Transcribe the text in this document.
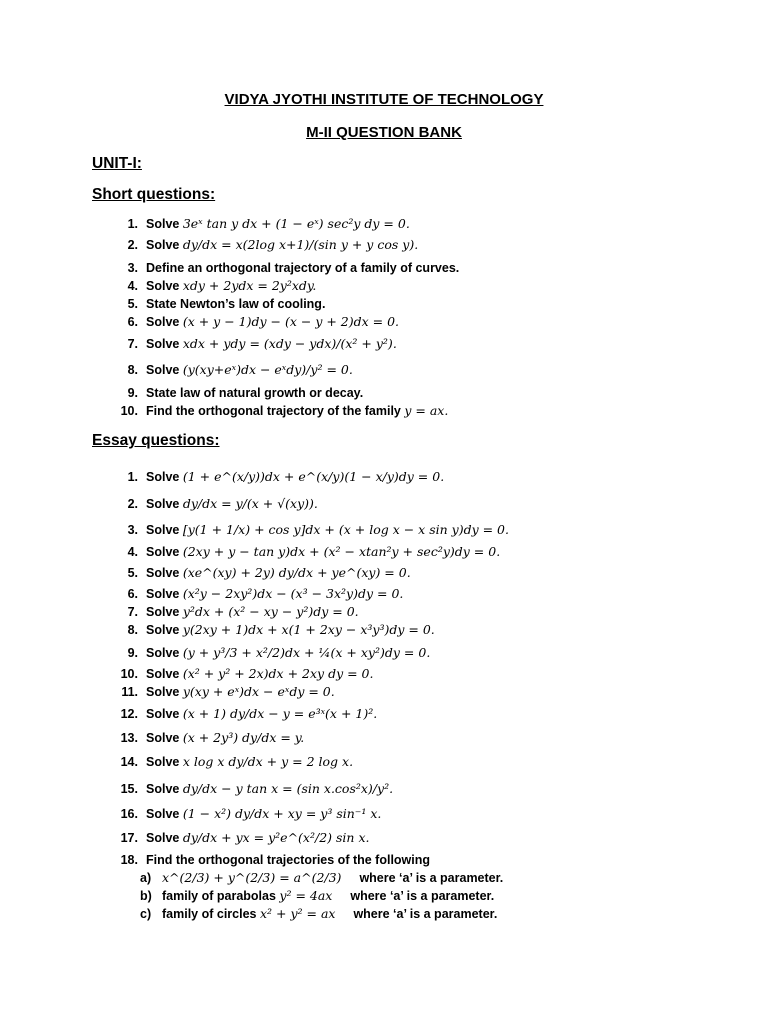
VIDYA JYOTHI INSTITUTE OF TECHNOLOGY
M-II QUESTION BANK
UNIT-I:
Short questions:
1. Solve 3eˣ tan y dx + (1 − eˣ) sec²y dy = 0.
2. Solve dy/dx = x(2log x+1)/(sin y + y cos y).
3. Define an orthogonal trajectory of a family of curves.
4. Solve xdy + 2ydx = 2y²xdy.
5. State Newton’s law of cooling.
6. Solve (x + y − 1)dy − (x − y + 2)dx = 0.
7. Solve xdx + ydy = (xdy − ydx)/(x² + y²).
8. Solve (y(xy+eˣ)dx − eˣdy)/y² = 0.
9. State law of natural growth or decay.
10. Find the orthogonal trajectory of the family y = ax.
Essay questions:
1. Solve (1 + e^(x/y))dx + e^(x/y)(1 − x/y)dy = 0.
2. Solve dy/dx = y/(x + √(xy)).
3. Solve [y(1 + 1/x) + cos y]dx + (x + log x − x sin y)dy = 0.
4. Solve (2xy + y − tan y)dx + (x² − xtan²y + sec²y)dy = 0.
5. Solve (xe^(xy) + 2y) dy/dx + ye^(xy) = 0.
6. Solve (x²y − 2xy²)dx − (x³ − 3x²y)dy = 0.
7. Solve y²dx + (x² − xy − y²)dy = 0.
8. Solve y(2xy + 1)dx + x(1 + 2xy − x³y³)dy = 0.
9. Solve (y + y³/3 + x²/2)dx + ¼(x + xy²)dy = 0.
10. Solve (x² + y² + 2x)dx + 2xy dy = 0.
11. Solve y(xy + eˣ)dx − eˣdy = 0.
12. Solve (x + 1) dy/dx − y = e³ˣ(x + 1)².
13. Solve (x + 2y³) dy/dx = y.
14. Solve x log x dy/dx + y = 2 log x.
15. Solve dy/dx − y tan x = (sin x.cos²x)/y².
16. Solve (1 − x²) dy/dx + xy = y³ sin⁻¹ x.
17. Solve dy/dx + yx = y²e^(x²/2) sin x.
18. Find the orthogonal trajectories of the following
a) x^(2/3) + y^(2/3) = a^(2/3) where ‘a’ is a parameter.
b) family of parabolas y² = 4ax where ‘a’ is a parameter.
c) family of circles x² + y² = ax where ‘a’ is a parameter.
